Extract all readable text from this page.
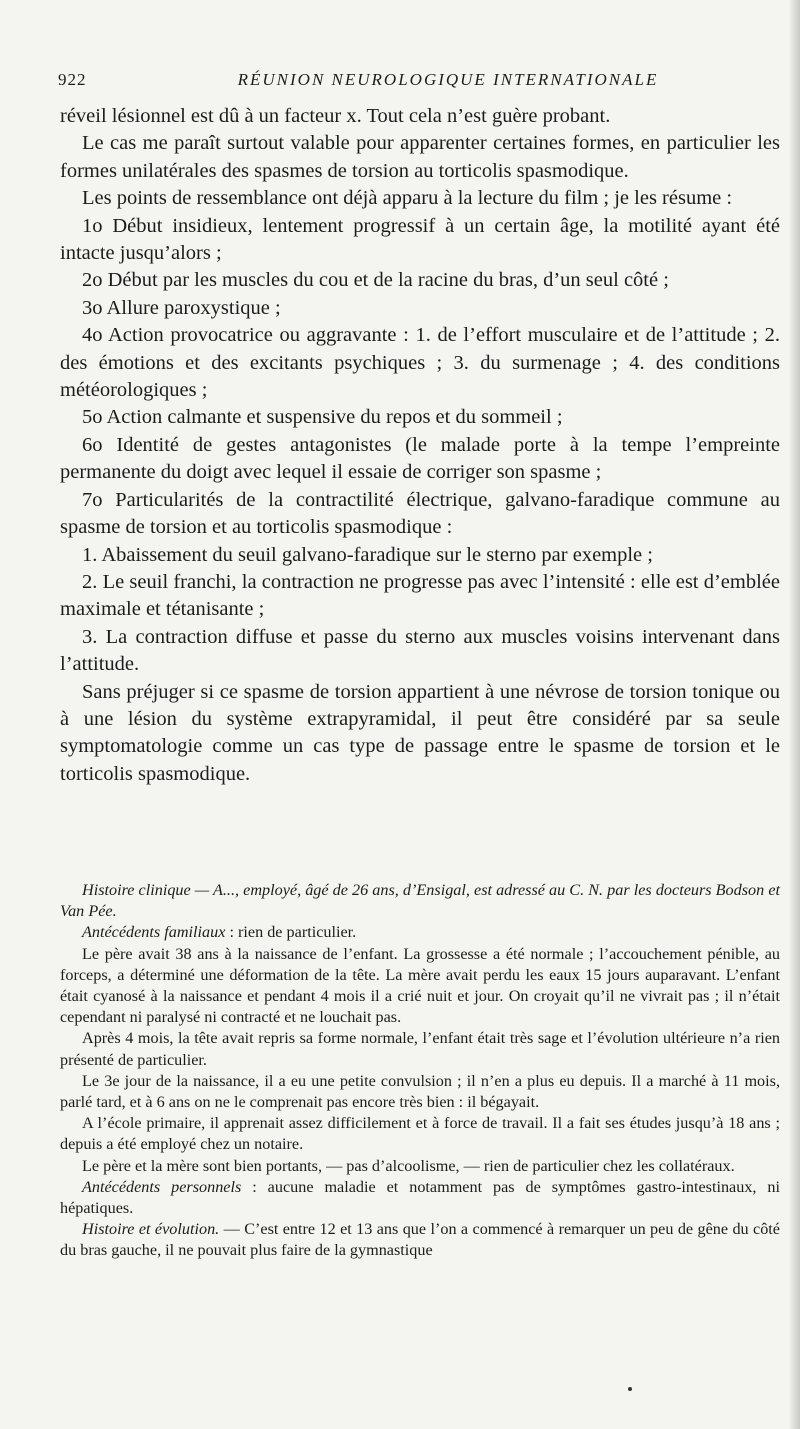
922	RÉUNION NEUROLOGIQUE INTERNATIONALE

réveil lésionnel est dû à un facteur x. Tout cela n’est guère probant.

Le cas me paraît surtout valable pour apparenter certaines formes, en particulier les formes unilatérales des spasmes de torsion au torticolis spasmodique.

Les points de ressemblance ont déjà apparu à la lecture du film ; je les résume :

1o Début insidieux, lentement progressif à un certain âge, la motilité ayant été intacte jusqu’alors ;

2o Début par les muscles du cou et de la racine du bras, d’un seul côté ;

3o Allure paroxystique ;

4o Action provocatrice ou aggravante : 1. de l’effort musculaire et de l’attitude ; 2. des émotions et des excitants psychiques ; 3. du surmenage ; 4. des conditions météorologiques ;

5o Action calmante et suspensive du repos et du sommeil ;

6o Identité de gestes antagonistes (le malade porte à la tempe l’empreinte permanente du doigt avec lequel il essaie de corriger son spasme ;

7o Particularités de la contractilité électrique, galvano-faradique commune au spasme de torsion et au torticolis spasmodique :

1. Abaissement du seuil galvano-faradique sur le sterno par exemple ;

2. Le seuil franchi, la contraction ne progresse pas avec l’intensité : elle est d’emblée maximale et tétanisante ;

3. La contraction diffuse et passe du sterno aux muscles voisins intervenant dans l’attitude.

Sans préjuger si ce spasme de torsion appartient à une névrose de torsion tonique ou à une lésion du système extrapyramidal, il peut être considéré par sa seule symptomatologie comme un cas type de passage entre le spasme de torsion et le torticolis spasmodique.

Histoire clinique — A..., employé, âgé de 26 ans, d’Ensigal, est adressé au C. N. par les docteurs Bodson et Van Pée.

Antécédents familiaux : rien de particulier.

Le père avait 38 ans à la naissance de l’enfant. La grossesse a été normale ; l’accouchement pénible, au forceps, a déterminé une déformation de la tête. La mère avait perdu les eaux 15 jours auparavant. L’enfant était cyanosé à la naissance et pendant 4 mois il a crié nuit et jour. On croyait qu’il ne vivrait pas ; il n’était cependant ni paralysé ni contracté et ne louchait pas.

Après 4 mois, la tête avait repris sa forme normale, l’enfant était très sage et l’évolution ultérieure n’a rien présenté de particulier.

Le 3e jour de la naissance, il a eu une petite convulsion ; il n’en a plus eu depuis. Il a marché à 11 mois, parlé tard, et à 6 ans on ne le comprenait pas encore très bien : il bégayait.

A l’école primaire, il apprenait assez difficilement et à force de travail. Il a fait ses études jusqu’à 18 ans ; depuis a été employé chez un notaire.

Le père et la mère sont bien portants, — pas d’alcoolisme, — rien de particulier chez les collatéraux.

Antécédents personnels : aucune maladie et notamment pas de symptômes gastro-intestinaux, ni hépatiques.

Histoire et évolution. — C’est entre 12 et 13 ans que l’on a commencé à remarquer un peu de gêne du côté du bras gauche, il ne pouvait plus faire de la gymnastique
